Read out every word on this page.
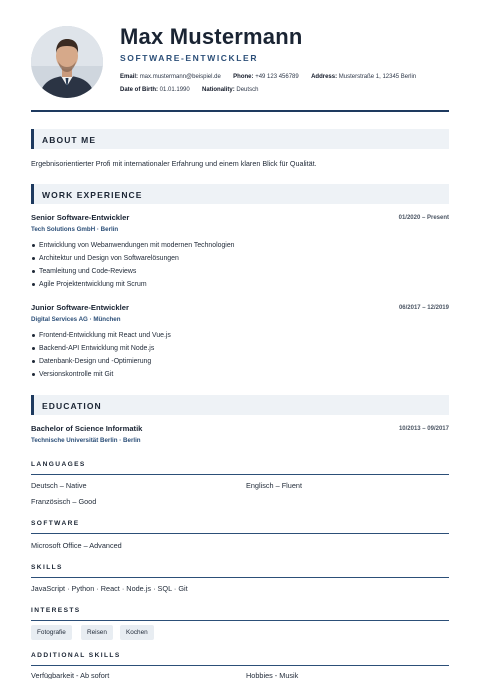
Max Mustermann
SOFTWARE-ENTWICKLER
Email: max.mustermann@beispiel.de Phone: +49 123 456789 Address: Musterstraße 1, 12345 Berlin
Date of Birth: 01.01.1990 Nationality: Deutsch
ABOUT ME
Ergebnisorientierter Profi mit internationaler Erfahrung und einem klaren Blick für Qualität.
WORK EXPERIENCE
Senior Software-Entwickler	01/2020 – Present
Tech Solutions GmbH · Berlin
Entwicklung von Webanwendungen mit modernen Technologien
Architektur und Design von Softwarelösungen
Teamleitung und Code-Reviews
Agile Projektentwicklung mit Scrum
Junior Software-Entwickler	06/2017 – 12/2019
Digital Services AG · München
Frontend-Entwicklung mit React und Vue.js
Backend-API Entwicklung mit Node.js
Datenbank-Design und -Optimierung
Versionskontrolle mit Git
EDUCATION
Bachelor of Science Informatik	10/2013 – 09/2017
Technische Universität Berlin · Berlin
LANGUAGES
Deutsch – Native	Englisch – Fluent
Französisch – Good
SOFTWARE
Microsoft Office – Advanced
SKILLS
JavaScript · Python · React · Node.js · SQL · Git
INTERESTS
Fotografie	Reisen	Kochen
ADDITIONAL SKILLS
Verfügbarkeit - Ab sofort	Hobbies - Musik
